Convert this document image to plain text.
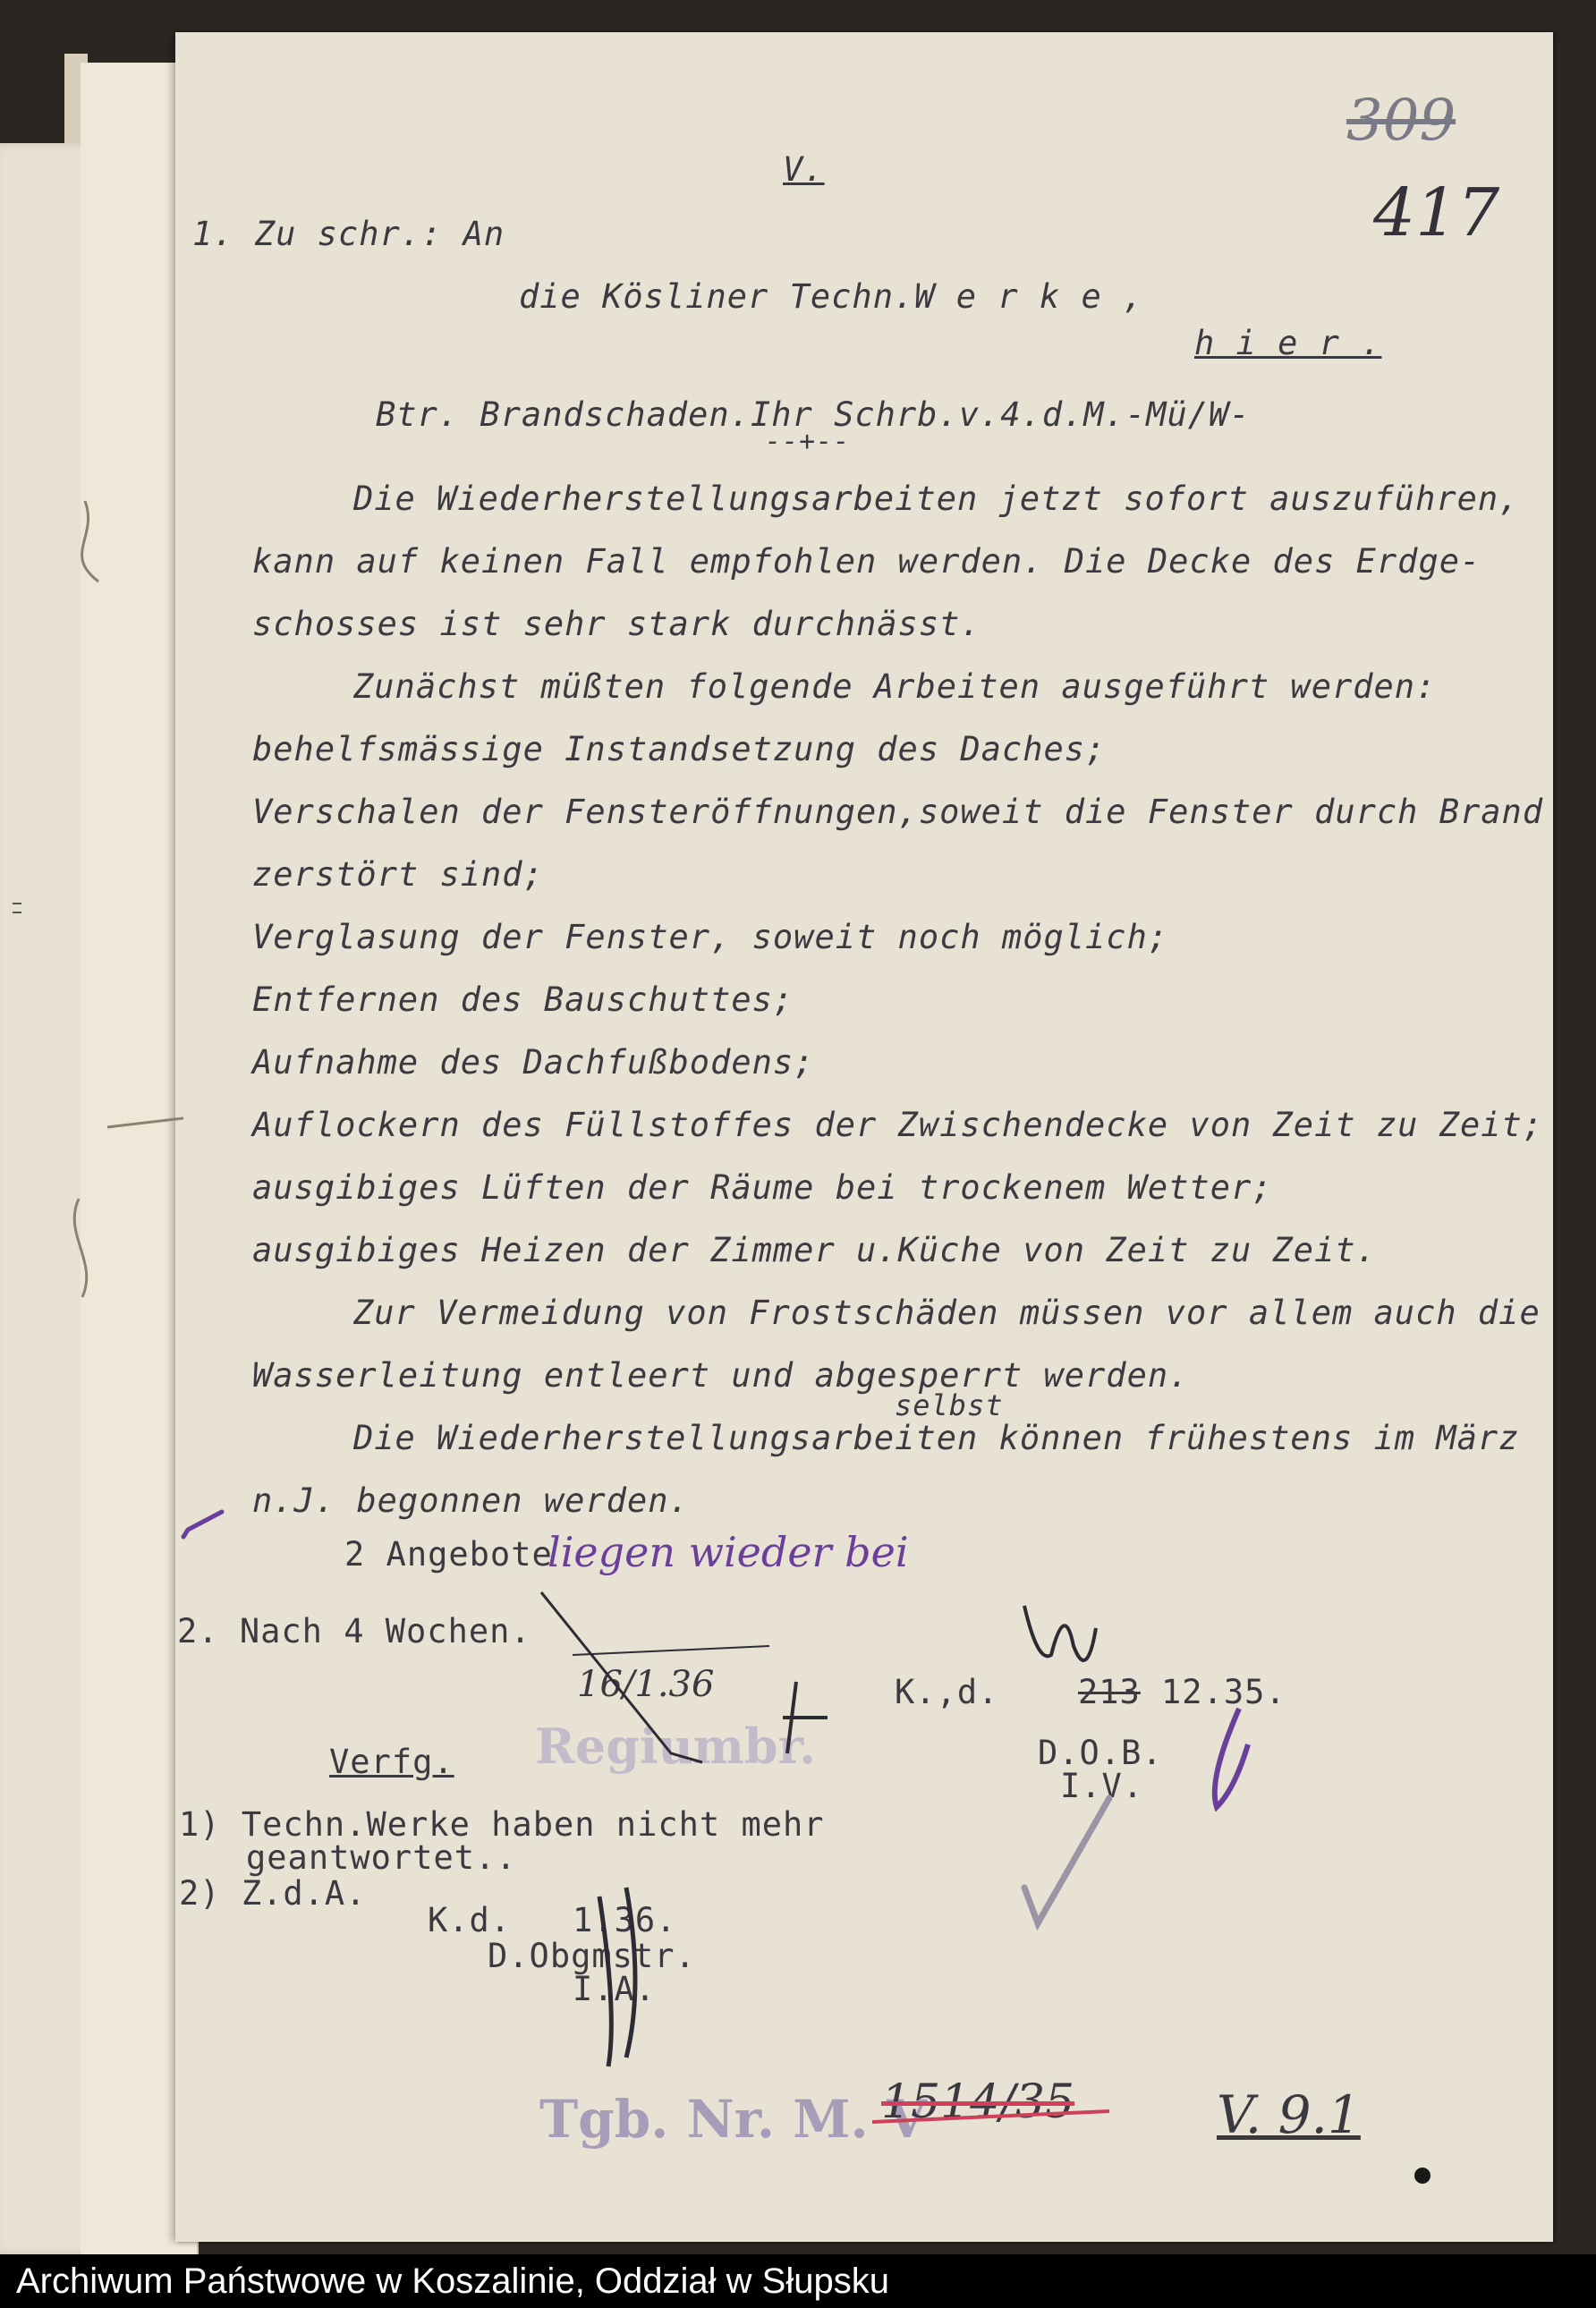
309
417
V.
1. Zu schr.: An
die Kösliner Techn.W e r k e ,
h i e r .
Btr. Brandschaden.Ihr Schrb.v.4.d.M.-Mü/W-
--+--
Die Wiederherstellungsarbeiten jetzt sofort auszuführen,
kann auf keinen Fall empfohlen werden. Die Decke des Erdge-
schosses ist sehr stark durchnässt.
Zunächst müßten folgende Arbeiten ausgeführt werden:
behelfsmässige Instandsetzung des Daches;
Verschalen der Fensteröffnungen,soweit die Fenster durch Brand
zerstört sind;
Verglasung der Fenster, soweit noch möglich;
Entfernen des Bauschuttes;
Aufnahme des Dachfußbodens;
Auflockern des Füllstoffes der Zwischendecke von Zeit zu Zeit;
ausgibiges Lüften der Räume bei trockenem Wetter;
ausgibiges Heizen der Zimmer u.Küche von Zeit zu Zeit.
Zur Vermeidung von Frostschäden müssen vor allem auch die
Wasserleitung entleert und abgesperrt werden.
selbst
Die Wiederherstellungsarbeiten können frühestens im März
n.J. begonnen werden.
2 Angebote
liegen wieder bei
2. Nach 4 Wochen.
K.,d. 213 12.35.
D.O.B.
I.V.
Verfg.
1) Techn.Werke haben nicht mehr
geantwortet..
2) Z.d.A.
K.d. 1.36.
D.Obgmstr.
I.A.
Regiumbr.
16/1.36
Tgb. Nr. M. V
1514/35	V. 9.1
Archiwum Państwowe w Koszalinie, Oddział w Słupsku
